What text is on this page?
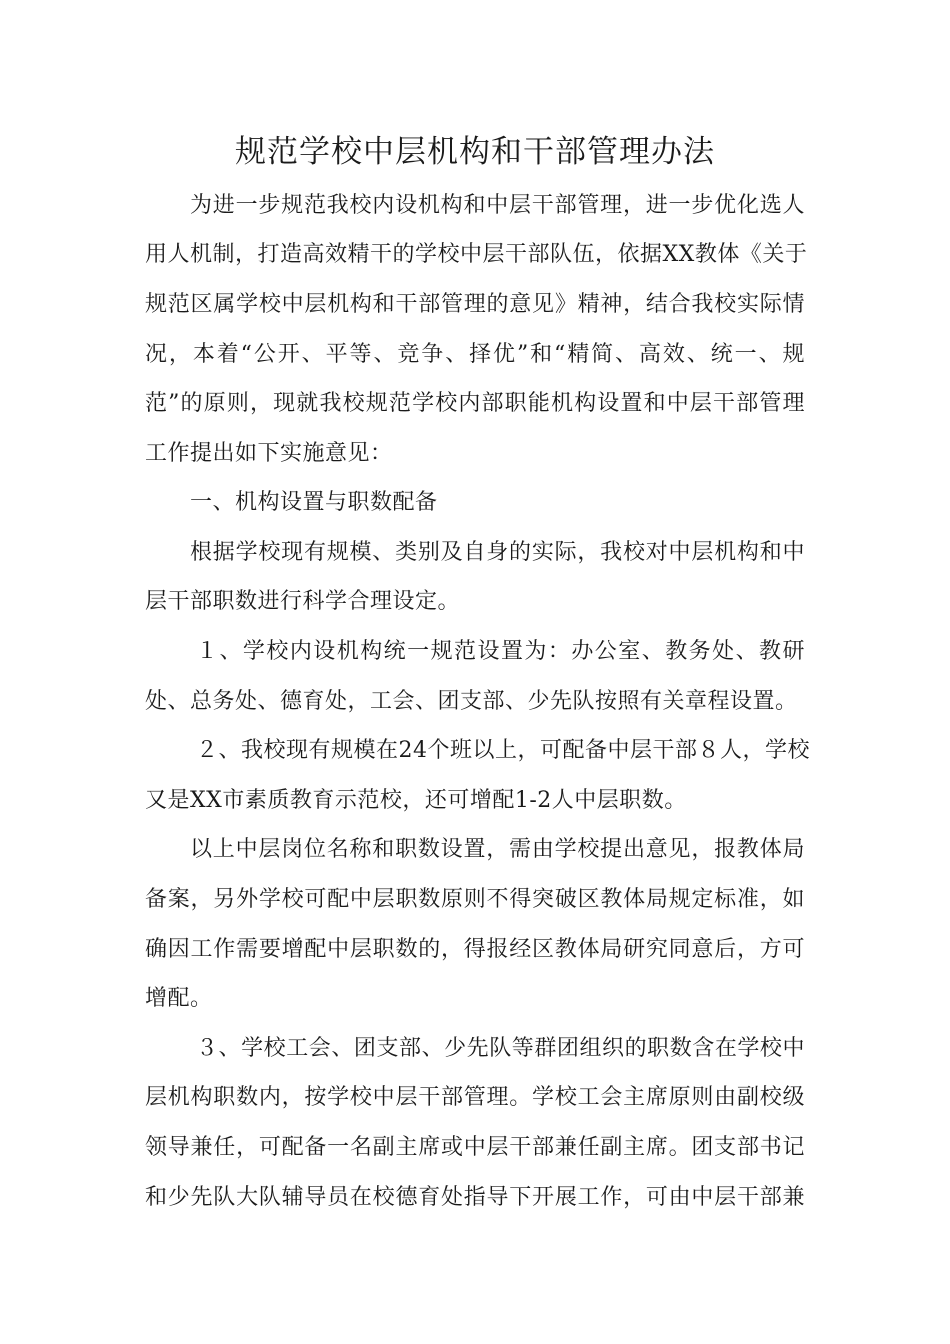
规范学校中层机构和干部管理办法
为进一步规范我校内设机构和中层干部管理，进一步优化选人
用人机制，打造高效精干的学校中层干部队伍，依据XX教体《关于
规范区属学校中层机构和干部管理的意见》精神，结合我校实际情
况，本着“公开、平等、竞争、择优”和“精简、高效、统一、规
范”的原则，现就我校规范学校内部职能机构设置和中层干部管理
工作提出如下实施意见：
一、机构设置与职数配备
根据学校现有规模、类别及自身的实际，我校对中层机构和中
层干部职数进行科学合理设定。
１、学校内设机构统一规范设置为：办公室、教务处、教研
处、总务处、德育处，工会、团支部、少先队按照有关章程设置。
２、我校现有规模在24个班以上，可配备中层干部８人，学校
又是XX市素质教育示范校，还可增配1-2人中层职数。
以上中层岗位名称和职数设置，需由学校提出意见，报教体局
备案，另外学校可配中层职数原则不得突破区教体局规定标准，如
确因工作需要增配中层职数的，得报经区教体局研究同意后，方可
增配。
３、学校工会、团支部、少先队等群团组织的职数含在学校中
层机构职数内，按学校中层干部管理。学校工会主席原则由副校级
领导兼任，可配备一名副主席或中层干部兼任副主席。团支部书记
和少先队大队辅导员在校德育处指导下开展工作，可由中层干部兼
